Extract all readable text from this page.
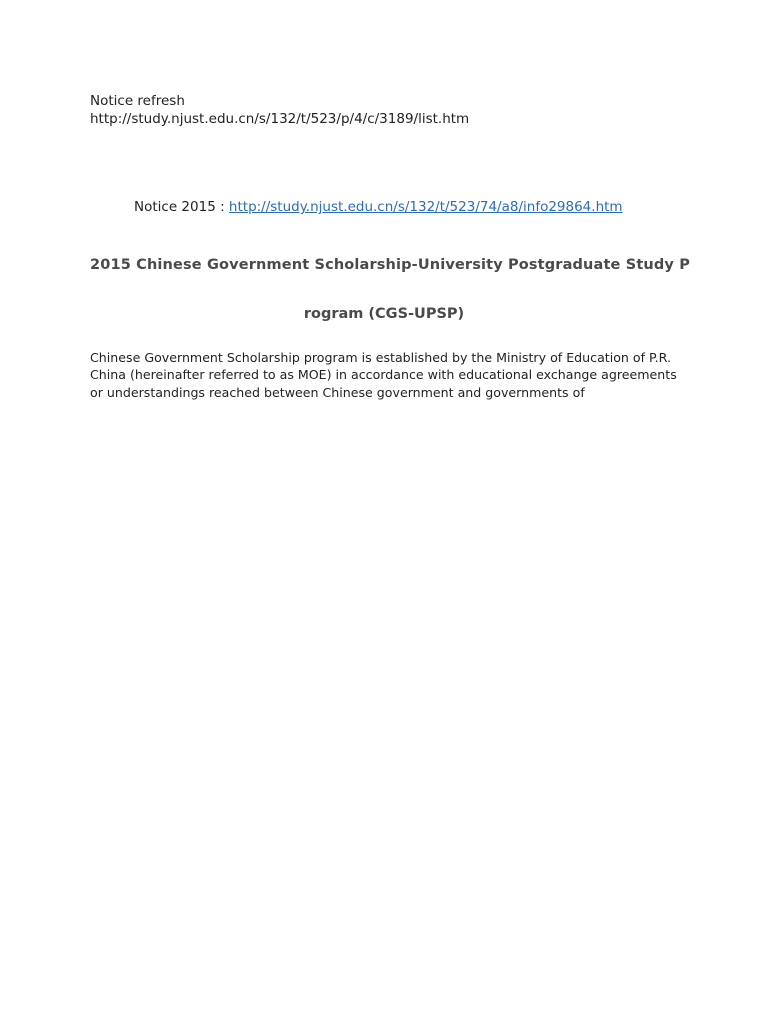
Notice refresh
http://study.njust.edu.cn/s/132/t/523/p/4/c/3189/list.htm
Notice 2015 : http://study.njust.edu.cn/s/132/t/523/74/a8/info29864.htm
2015 Chinese Government Scholarship-University Postgraduate Study P
rogram (CGS-UPSP)
Chinese Government Scholarship program is established by the Ministry of Education of P.R. China (hereinafter referred to as MOE) in accordance with educational exchange agreements or understandings reached between Chinese government and governments of
